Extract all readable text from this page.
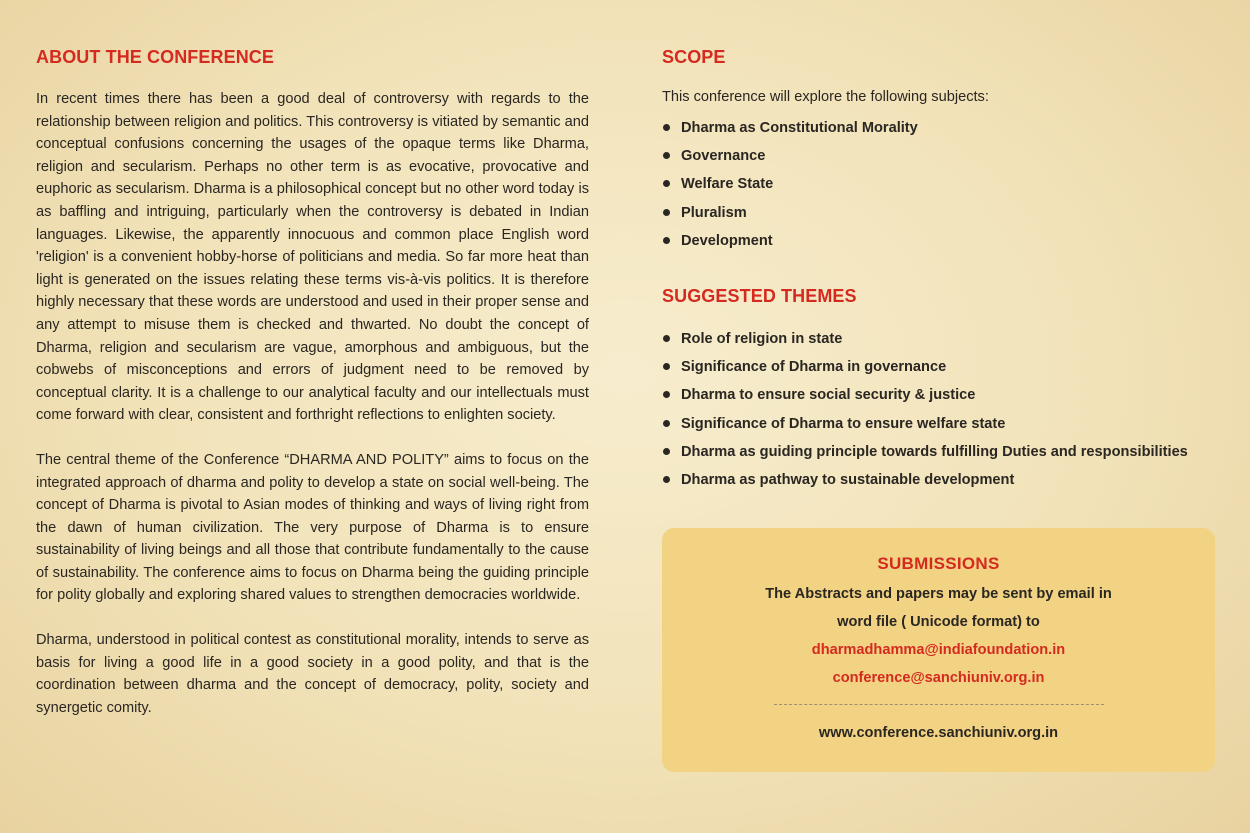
ABOUT THE CONFERENCE

In recent times there has been a good deal of controversy with regards to the relationship between religion and politics. This controversy is vitiated by semantic and conceptual confusions concerning the usages of the opaque terms like Dharma, religion and secularism. Perhaps no other term is as evocative, provocative and euphoric as secularism. Dharma is a philosophical concept but no other word today is as baffling and intriguing, particularly when the controversy is debated in Indian languages. Likewise, the apparently innocuous and common place English word 'religion' is a convenient hobby-horse of politicians and media. So far more heat than light is generated on the issues relating these terms vis-à-vis politics. It is therefore highly necessary that these words are understood and used in their proper sense and any attempt to misuse them is checked and thwarted. No doubt the concept of Dharma, religion and secularism are vague, amorphous and ambiguous, but the cobwebs of misconceptions and errors of judgment need to be removed by conceptual clarity. It is a challenge to our analytical faculty and our intellectuals must come forward with clear, consistent and forthright reflections to enlighten society.

The central theme of the Conference “DHARMA AND POLITY” aims to focus on the integrated approach of dharma and polity to develop a state on social well-being. The concept of Dharma is pivotal to Asian modes of thinking and ways of living right from the dawn of human civilization. The very purpose of Dharma is to ensure sustainability of living beings and all those that contribute fundamentally to the cause of sustainability. The conference aims to focus on Dharma being the guiding principle for polity globally and exploring shared values to strengthen democracies worldwide.

Dharma, understood in political contest as constitutional morality, intends to serve as basis for living a good life in a good society in a good polity, and that is the coordination between dharma and the concept of democracy, polity, society and synergetic comity.

SCOPE

This conference will explore the following subjects:

Dharma as Constitutional Morality
Governance
Welfare State
Pluralism
Development
SUGGESTED THEMES
Role of religion in state
Significance of Dharma in governance
Dharma to ensure social security & justice
Significance of Dharma to ensure welfare state
Dharma as guiding principle towards fulfilling Duties and responsibilities
Dharma as pathway to sustainable development
SUBMISSIONS

The Abstracts and papers may be sent by email in

word file ( Unicode format) to

dharmadhamma@indiafoundation.in

conference@sanchiuniv.org.in

www.conference.sanchiuniv.org.in
